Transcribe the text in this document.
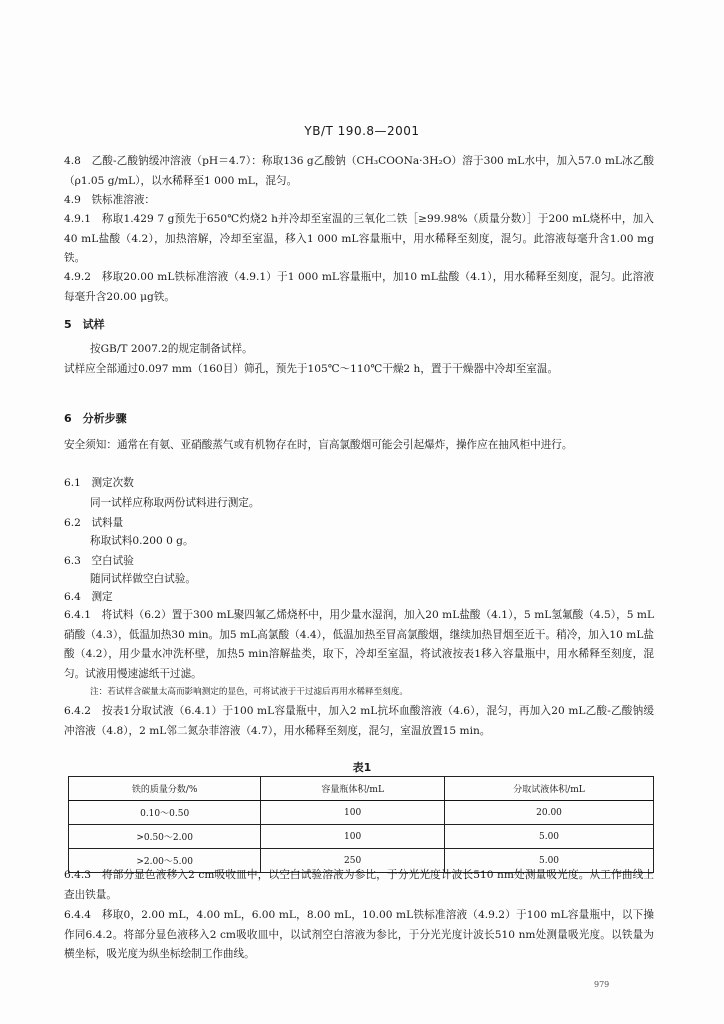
YB/T 190.8—2001
4.8　乙酸-乙酸钠缓冲溶液（pH＝4.7）：称取136 g乙酸钠（CH₃COONa·3H₂O）溶于300 mL水中，加入57.0 mL冰乙酸（ρ1.05 g/mL），以水稀释至1 000 mL，混匀。
4.9　铁标准溶液：
4.9.1　称取1.429 7 g预先于650℃灼烧2 h并冷却至室温的三氧化二铁［≥99.98%（质量分数）］于200 mL烧杯中，加入40 mL盐酸（4.2），加热溶解，冷却至室温，移入1 000 mL容量瓶中，用水稀释至刻度，混匀。此溶液每毫升含1.00 mg铁。
4.9.2　移取20.00 mL铁标准溶液（4.9.1）于1 000 mL容量瓶中，加10 mL盐酸（4.1），用水稀释至刻度，混匀。此溶液每毫升含20.00 μg铁。
5　试样
按GB/T 2007.2的规定制备试样。
试样应全部通过0.097 mm（160目）筛孔，预先于105℃～110℃干燥2 h，置于干燥器中冷却至室温。
6　分析步骤
安全须知：通常在有氨、亚硝酸蒸气或有机物存在时，盲高氯酸烟可能会引起爆炸，操作应在抽风柜中进行。
6.1　测定次数
同一试样应称取两份试料进行测定。
6.2　试料量
称取试料0.200 0 g。
6.3　空白试验
随同试样做空白试验。
6.4　测定
6.4.1　将试料（6.2）置于300 mL聚四氟乙烯烧杯中，用少量水湿润，加入20 mL盐酸（4.1），5 mL氢氟酸（4.5），5 mL硝酸（4.3），低温加热30 min。加5 mL高氯酸（4.4），低温加热至冒高氯酸烟，继续加热冒烟至近干。稍冷，加入10 mL盐酸（4.2），用少量水冲洗杯壁，加热5 min溶解盐类，取下，冷却至室温，将试液按表1移入容量瓶中，用水稀释至刻度，混匀。试液用慢速滤纸干过滤。
注：若试样含碳量太高而影响测定的显色，可将试液于干过滤后再用水稀释至刻度。
6.4.2　按表1分取试液（6.4.1）于100 mL容量瓶中，加入2 mL抗坏血酸溶液（4.6），混匀，再加入20 mL乙酸-乙酸钠缓冲溶液（4.8），2 mL邻二氮杂菲溶液（4.7），用水稀释至刻度，混匀，室温放置15 min。
表1
铁的质量分数/%	容量瓶体积/mL	分取试液体积/mL
0.10～0.50	100	20.00
>0.50～2.00	100	5.00
>2.00～5.00	250	5.00
6.4.3　将部分显色液移入2 cm吸收皿中，以空白试验溶液为参比，于分光光度计波长510 nm处测量吸光度。从工作曲线上查出铁量。
6.4.4　移取0，2.00 mL，4.00 mL，6.00 mL，8.00 mL，10.00 mL铁标准溶液（4.9.2）于100 mL容量瓶中，以下操作同6.4.2。将部分显色液移入2 cm吸收皿中，以试剂空白溶液为参比，于分光光度计波长510 nm处测量吸光度。以铁量为横坐标，吸光度为纵坐标绘制工作曲线。
979
